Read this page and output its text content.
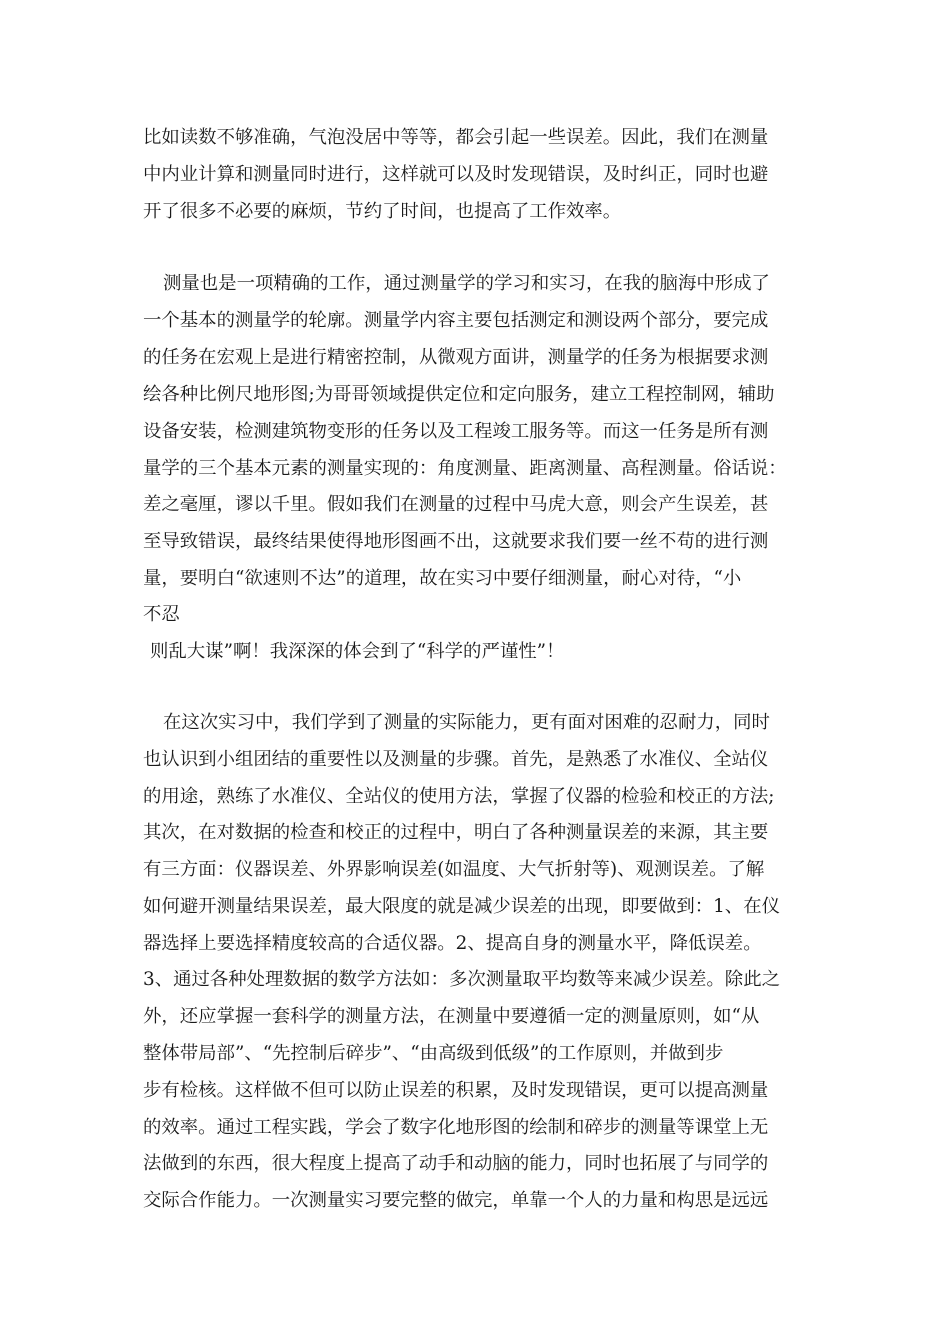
比如读数不够准确，气泡没居中等等，都会引起一些误差。因此，我们在测量
中内业计算和测量同时进行，这样就可以及时发现错误，及时纠正，同时也避
开了很多不必要的麻烦，节约了时间，也提高了工作效率。
测量也是一项精确的工作，通过测量学的学习和实习，在我的脑海中形成了
一个基本的测量学的轮廓。测量学内容主要包括测定和测设两个部分，要完成
的任务在宏观上是进行精密控制，从微观方面讲，测量学的任务为根据要求测
绘各种比例尺地形图;为哥哥领域提供定位和定向服务，建立工程控制网，辅助
设备安装，检测建筑物变形的任务以及工程竣工服务等。而这一任务是所有测
量学的三个基本元素的测量实现的：角度测量、距离测量、高程测量。俗话说：
差之毫厘，谬以千里。假如我们在测量的过程中马虎大意，则会产生误差，甚
至导致错误，最终结果使得地形图画不出，这就要求我们要一丝不苟的进行测
量，要明白“欲速则不达”的道理，故在实习中要仔细测量，耐心对待，“小
不忍
则乱大谋”啊！我深深的体会到了“科学的严谨性”！
在这次实习中，我们学到了测量的实际能力，更有面对困难的忍耐力，同时
也认识到小组团结的重要性以及测量的步骤。首先，是熟悉了水准仪、全站仪
的用途，熟练了水准仪、全站仪的使用方法，掌握了仪器的检验和校正的方法;
其次，在对数据的检查和校正的过程中，明白了各种测量误差的来源，其主要
有三方面：仪器误差、外界影响误差(如温度、大气折射等)、观测误差。了解
如何避开测量结果误差，最大限度的就是减少误差的出现，即要做到：1、在仪
器选择上要选择精度较高的合适仪器。2、提高自身的测量水平，降低误差。
3、通过各种处理数据的数学方法如：多次测量取平均数等来减少误差。除此之
外，还应掌握一套科学的测量方法，在测量中要遵循一定的测量原则，如“从
整体带局部”、“先控制后碎步”、“由高级到低级”的工作原则，并做到步
步有检核。这样做不但可以防止误差的积累，及时发现错误，更可以提高测量
的效率。通过工程实践，学会了数字化地形图的绘制和碎步的测量等课堂上无
法做到的东西，很大程度上提高了动手和动脑的能力，同时也拓展了与同学的
交际合作能力。一次测量实习要完整的做完，单靠一个人的力量和构思是远远
